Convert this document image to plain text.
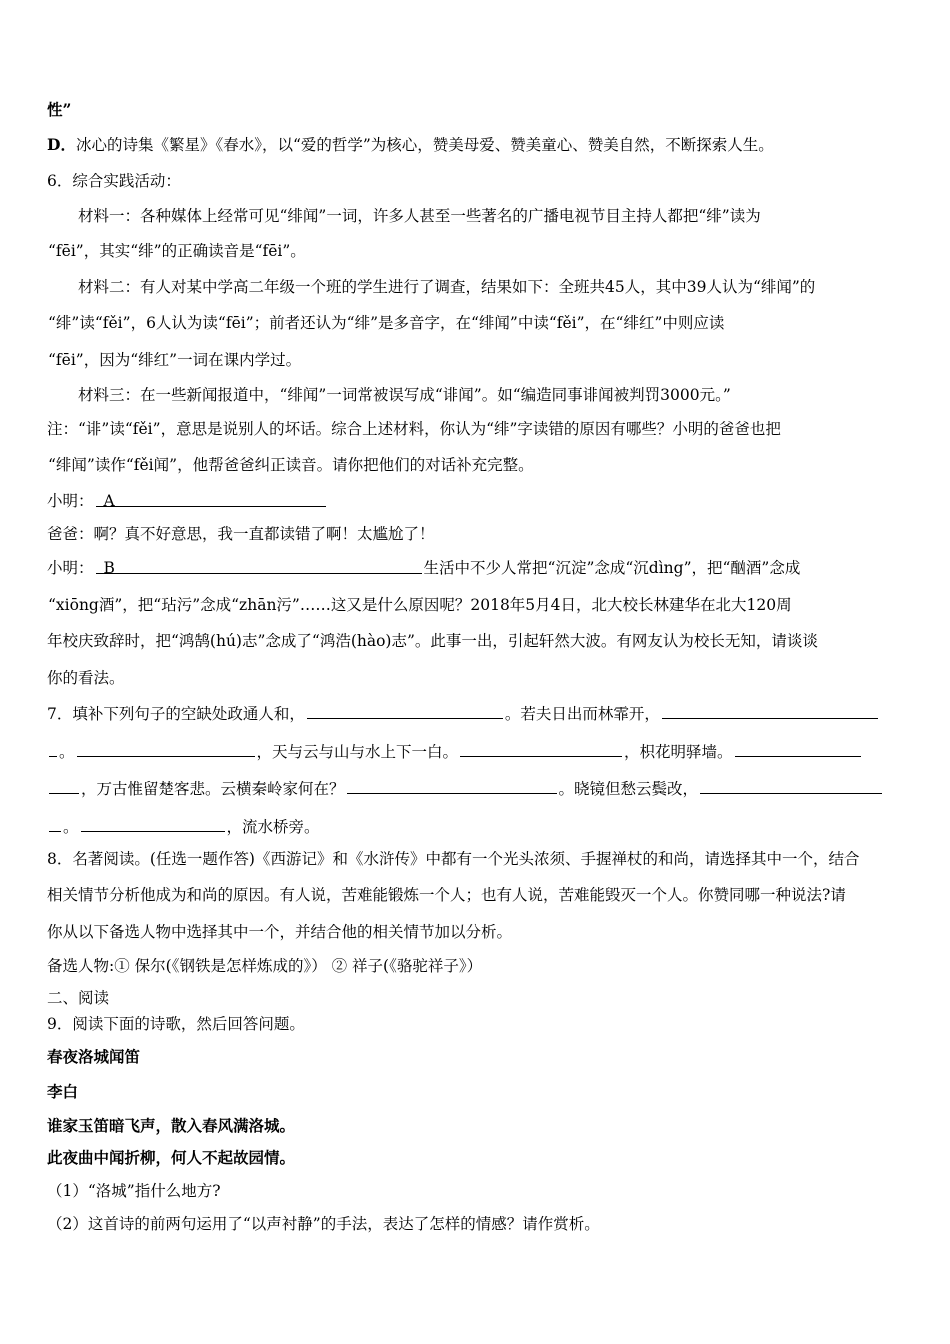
性”
D．冰心的诗集《繁星》《春水》，以“爱的哲学”为核心，赞美母爱、赞美童心、赞美自然，不断探索人生。
6．综合实践活动：
材料一：各种媒体上经常可见“绯闻”一词，许多人甚至一些著名的广播电视节目主持人都把“绯”读为
“fēi”，其实“绯”的正确读音是“fēi”。
材料二：有人对某中学高二年级一个班的学生进行了调查，结果如下：全班共45人，其中39人认为“绯闻”的
“绯”读“fěi”，6人认为读“fēi”；前者还认为“绯”是多音字，在“绯闻”中读“fěi”，在“绯红”中则应读
“fēi”，因为“绯红”一词在课内学过。
材料三：在一些新闻报道中，“绯闻”一词常被误写成“诽闻”。如“编造同事诽闻被判罚3000元。”
注：“诽”读“fěi”，意思是说别人的坏话。综合上述材料，你认为“绯”字读错的原因有哪些？小明的爸爸也把
“绯闻”读作“fěi闻”，他帮爸爸纠正读音。请你把他们的对话补充完整。
小明： A
爸爸：啊？真不好意思，我一直都读错了啊！太尴尬了！
小明： B	生活中不少人常把“沉淀”念成“沉dìng”，把“酗酒”念成
“xiōng酒”，把“玷污”念成“zhān污”……这又是什么原因呢？2018年5月4日，北大校长林建华在北大120周
年校庆致辞时，把“鸿鹄(hú)志”念成了“鸿浩(hào)志”。此事一出，引起轩然大波。有网友认为校长无知，请谈谈
你的看法。
7．填补下列句子的空缺处政通人和，	。若夫日出而林霏开，
。	，天与云与山与水上下一白。	，枳花明驿墙。
，万古惟留楚客悲。云横秦岭家何在？	。晓镜但愁云鬓改，
。	，流水桥旁。
8．名著阅读。(任选一题作答)《西游记》和《水浒传》中都有一个光头浓须、手握禅杖的和尚，请选择其中一个，结合
相关情节分析他成为和尚的原因。有人说，苦难能锻炼一个人；也有人说，苦难能毁灭一个人。你赞同哪一种说法?请
你从以下备选人物中选择其中一个，并结合他的相关情节加以分析。
备选人物:① 保尔(《钢铁是怎样炼成的》） ② 祥子(《骆驼祥子》）
二、阅读
9．阅读下面的诗歌，然后回答问题。
春夜洛城闻笛
李白
谁家玉笛暗飞声，散入春风满洛城。
此夜曲中闻折柳，何人不起故园情。
（1）“洛城”指什么地方?
（2）这首诗的前两句运用了“以声衬静”的手法，表达了怎样的情感？请作赏析。
